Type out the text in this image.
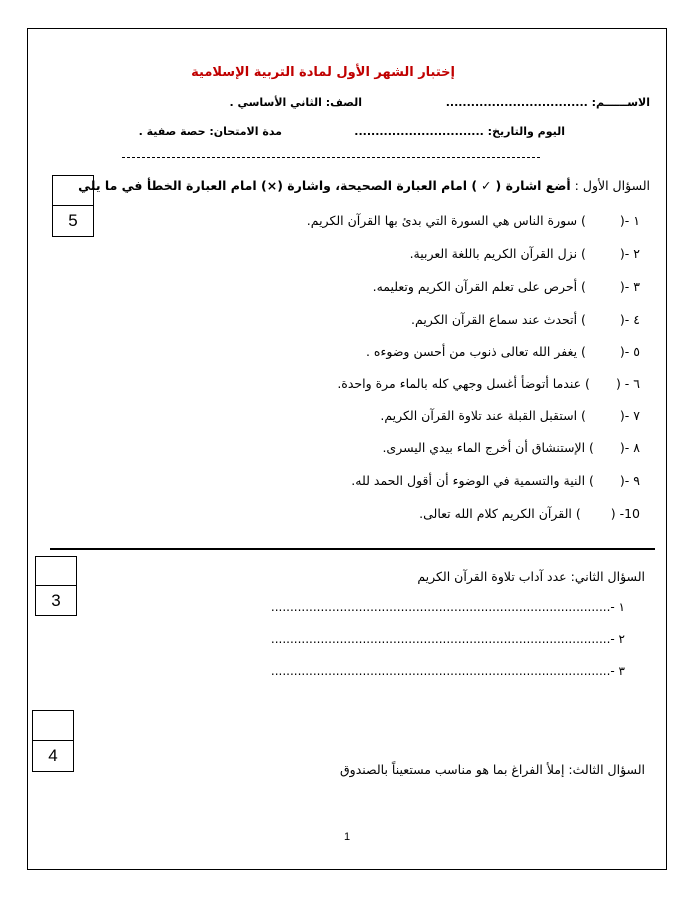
إختبار الشهر الأول لمادة التربية الإسلامية
الاســــــم: ..................................
الصف: الثاني الأساسي .
اليوم والتاريخ: ...............................
مدة الامتحان: حصة صفية .
5
السؤال الأول : أضع اشارة ( ✓ ) امام العبارة الصحيحة، واشارة (×) امام العبارة الخطأ في ما يلي
١ -() سورة الناس هي السورة التي بدئ بها القرآن الكريم.
٢ -() نزل القرآن الكريم باللغة العربية.
٣ -() أحرص على تعلم القرآن الكريم وتعليمه.
٤ -() أتحدث عند سماع القرآن الكريم.
٥ -() يغفر الله تعالى ذنوب من أحسن وضوءه .
٦ - () عندما أتوضأ أغسل وجهي كله بالماء مرة واحدة.
٧ -() استقبل القبلة عند تلاوة القرآن الكريم.
٨ -() الإستنشاق أن أخرج الماء بيدي اليسرى.
٩ -() النية والتسمية في الوضوء أن أقول الحمد لله.
10- () القرآن الكريم كلام الله تعالى.
3
السؤال الثاني: عدد آداب تلاوة القرآن الكريم
١ -.........................................................................................
٢ -.........................................................................................
٣ -.........................................................................................
4
السؤال الثالث: إملأ الفراغ بما هو مناسب مستعيناً بالصندوق
1
